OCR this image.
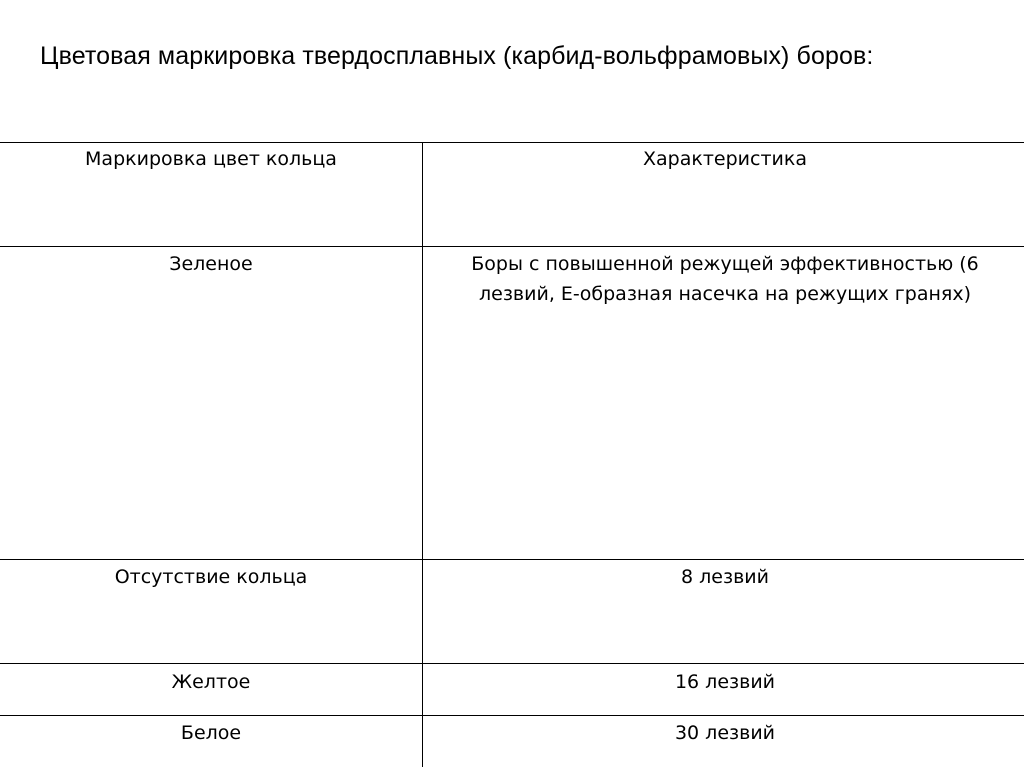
Цветовая маркировка твердосплавных (карбид-вольфрамовых) боров:
Маркировка цвет кольца	Характеристика
Зеленое	Боры с повышенной режущей эффективностью (6 лезвий, Е-образная насечка на режущих гранях)
Отсутствие кольца	8 лезвий
Желтое	16 лезвий
Белое	30 лезвий
